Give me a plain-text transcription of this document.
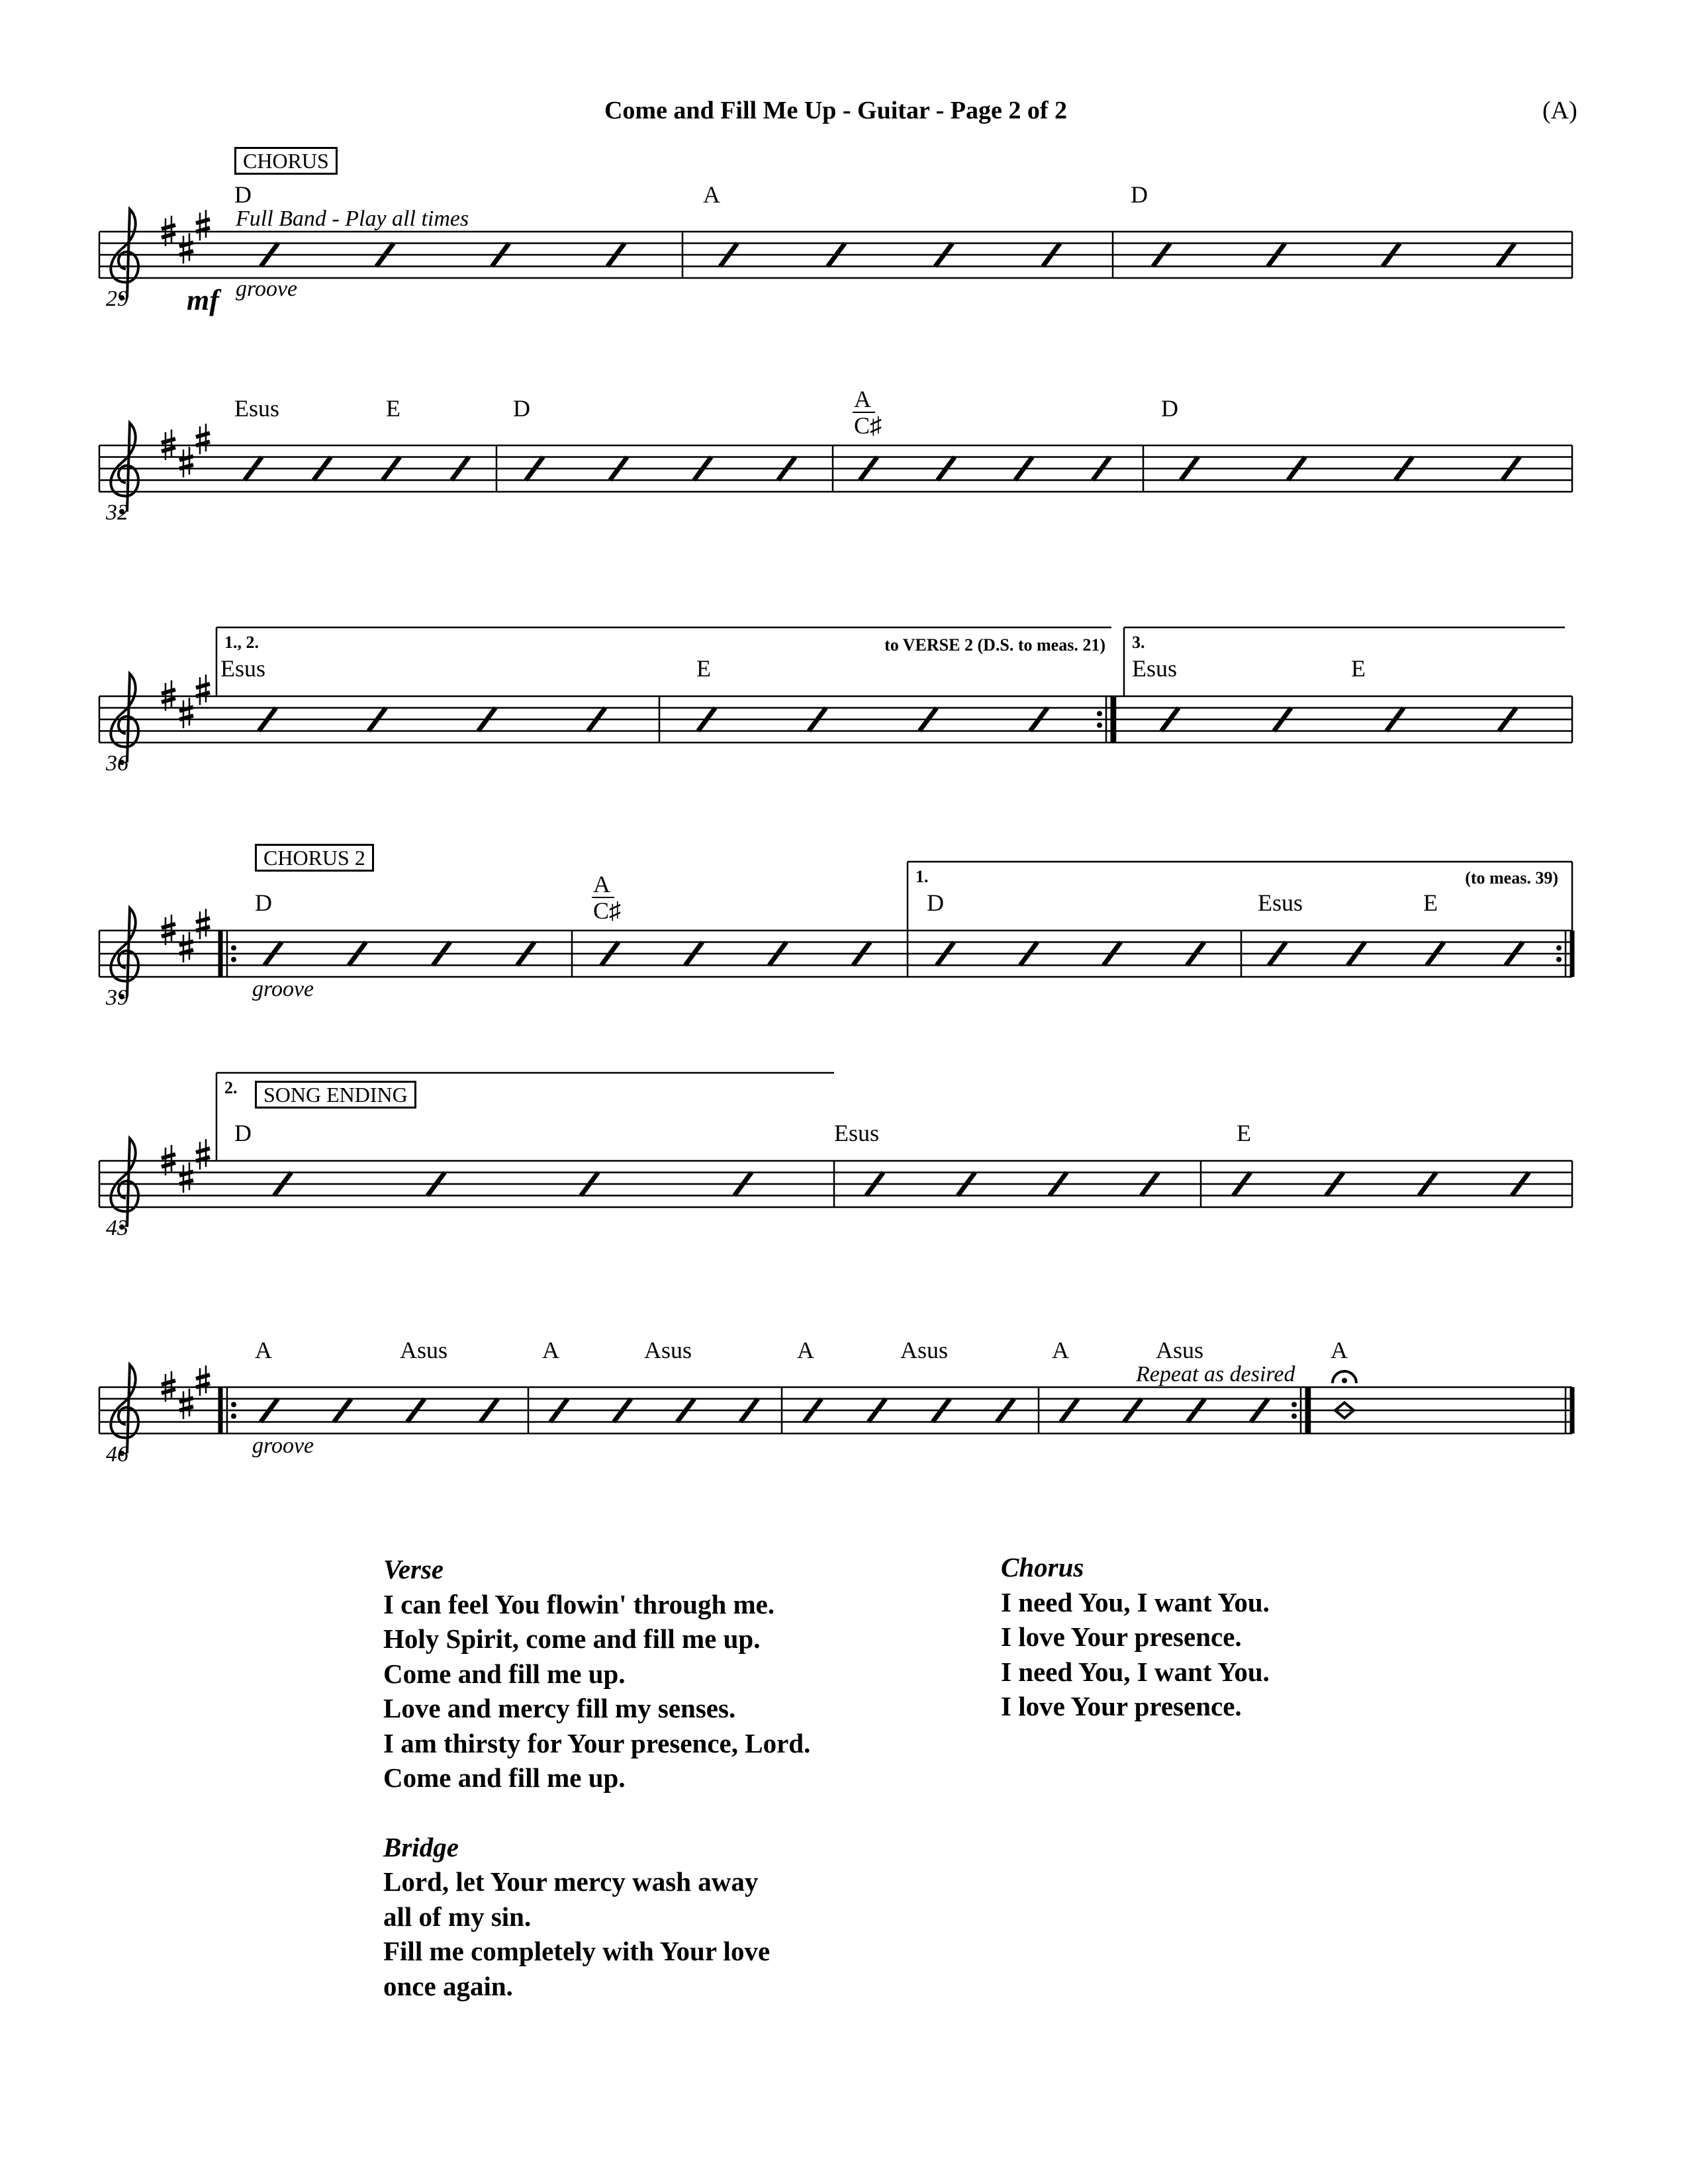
Come and Fill Me Up - Guitar - Page 2 of 2	(A)
Verse
I can feel You flowin' through me.
Holy Spirit, come and fill me up.
Come and fill me up.
Love and mercy fill my senses.
I am thirsty for Your presence, Lord.
Come and fill me up.
Bridge
Lord, let Your mercy wash away
all of my sin.
Fill me completely with Your love
once again.
Chorus
I need You, I want You.
I love Your presence.
I need You, I want You.
I love Your presence.
29
D	A	D
CHORUS
Full Band - Play all times
mf groove
32
Esus	E	D	A
C♯
D
36
Esus	E	Esus	E
1., 2.	3.
to VERSE 2 (D.S. to meas. 21)
39
D
A
C♯	D	Esus	E
CHORUS 2
groove
1.	(to meas. 39)
43
D	Esus	E
SONG ENDING
2.
46
A	Asus	A	Asus	A	Asus	A	Asus	A
Repeat as desired
groove
